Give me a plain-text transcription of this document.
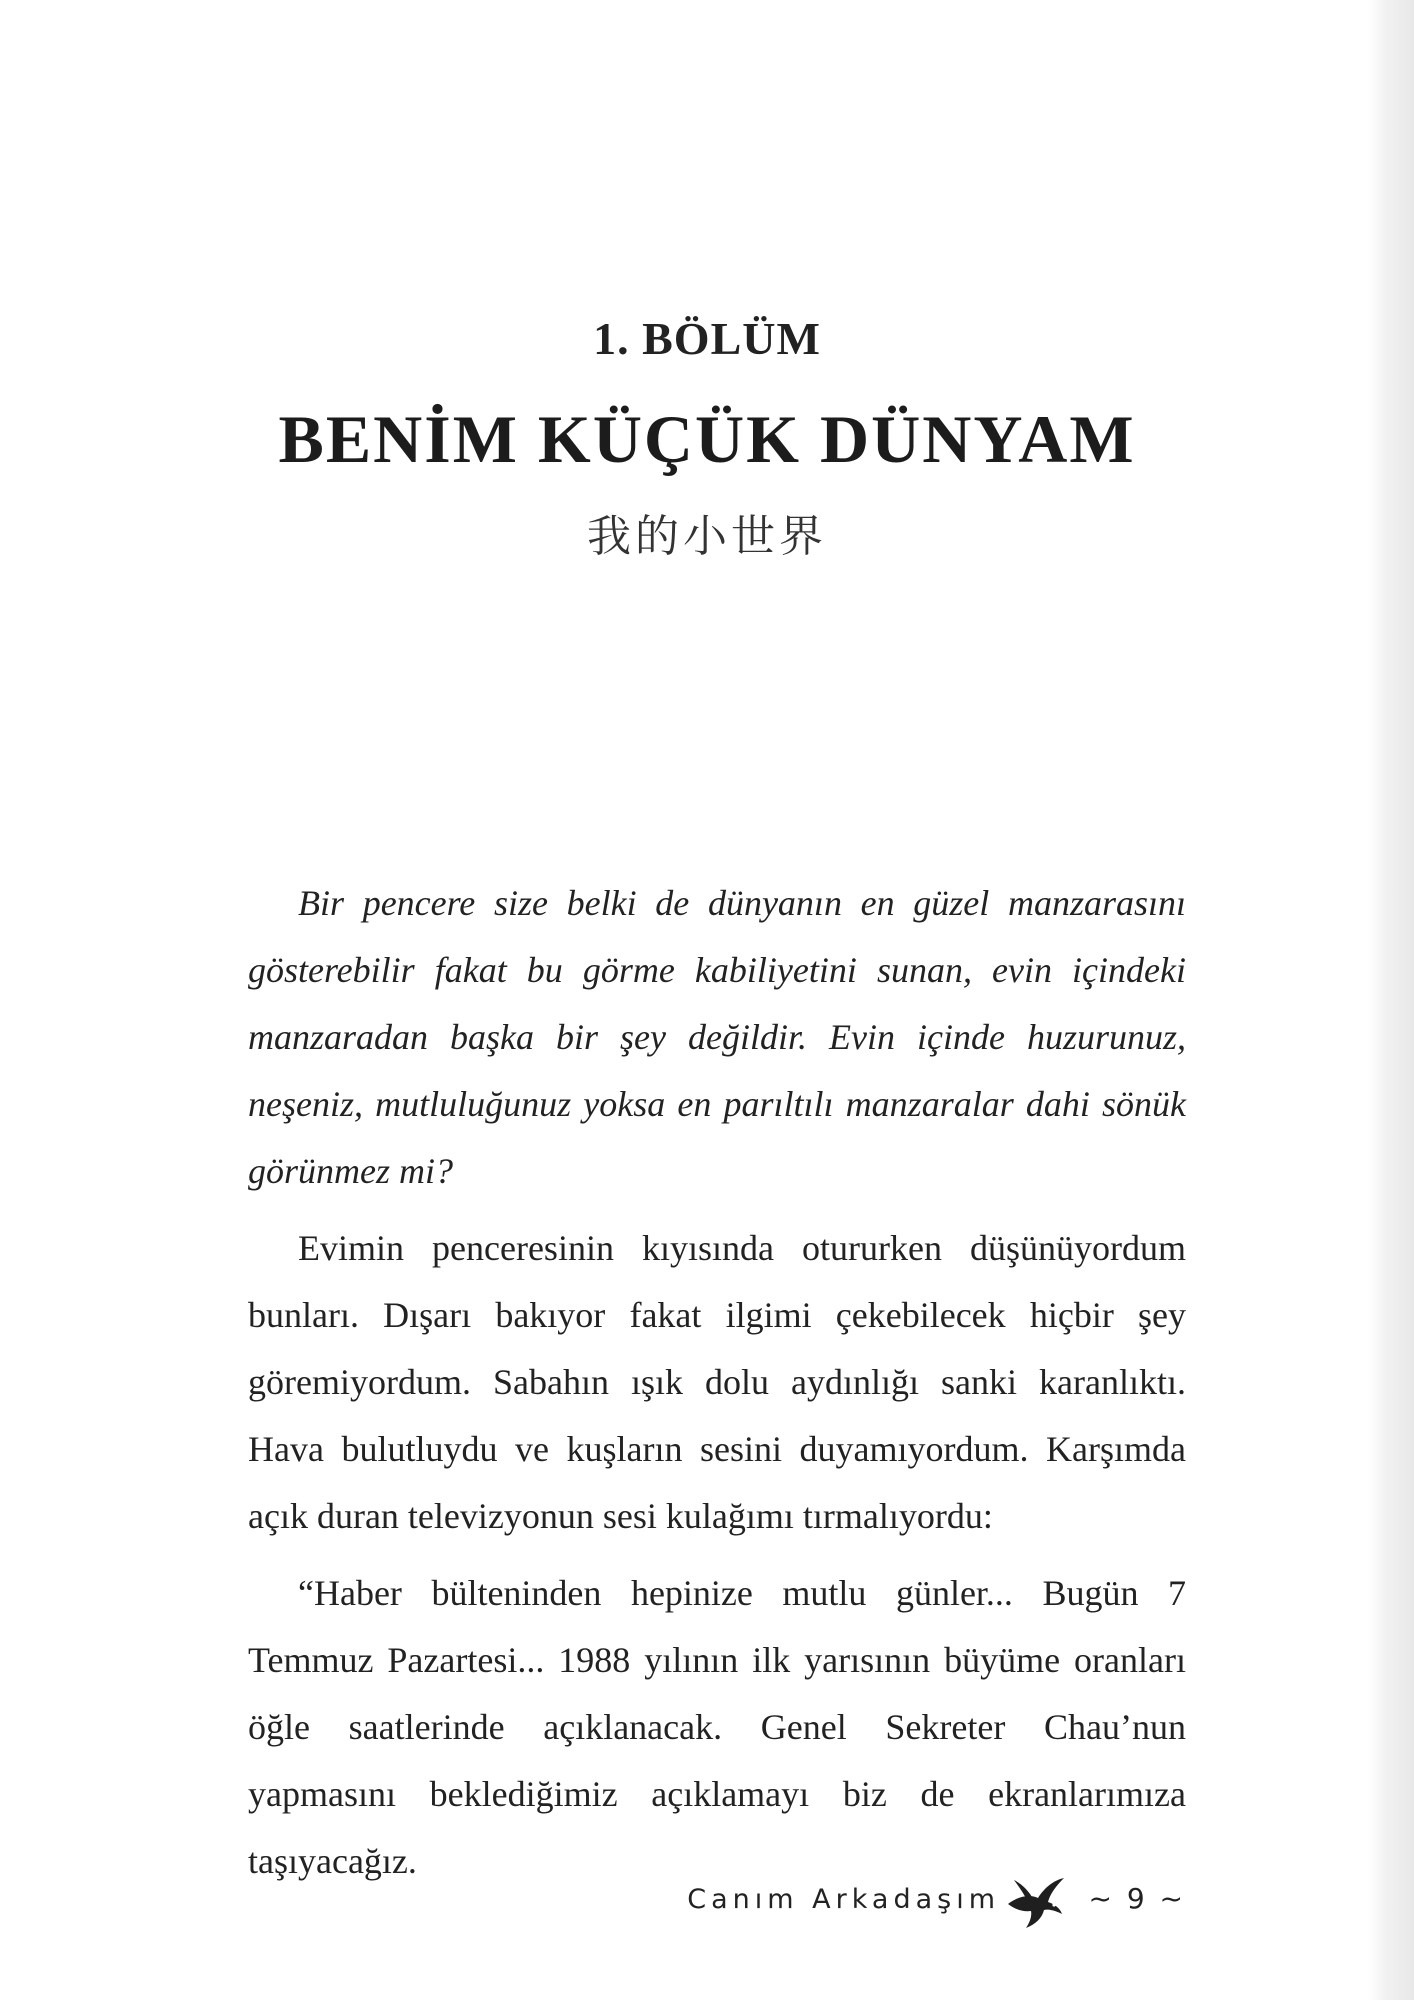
1. BÖLÜM
BENİM KÜÇÜK DÜNYAM
我的小世界

Bir pencere size belki de dünyanın en güzel manzarasını gösterebilir fakat bu görme kabiliyetini sunan, evin içindeki manzaradan başka bir şey değildir. Evin içinde huzurunuz, neşeniz, mutluluğunuz yoksa en parıltılı manzaralar dahi sönük görünmez mi?

Evimin penceresinin kıyısında otururken düşünüyordum bunları. Dışarı bakıyor fakat ilgimi çekebilecek hiçbir şey göremiyordum. Sabahın ışık dolu aydınlığı sanki karanlıktı. Hava bulutluydu ve kuşların sesini duyamıyordum. Karşımda açık duran televizyonun sesi kulağımı tırmalıyordu:

“Haber bülteninden hepinize mutlu günler... Bugün 7 Temmuz Pazartesi... 1988 yılının ilk yarısının büyüme oranları öğle saatlerinde açıklanacak. Genel Sekreter Chau’nun yapmasını beklediğimiz açıklamayı biz de ekranlarımıza taşıyacağız.

Canım Arkadaşım	~ 9 ~
